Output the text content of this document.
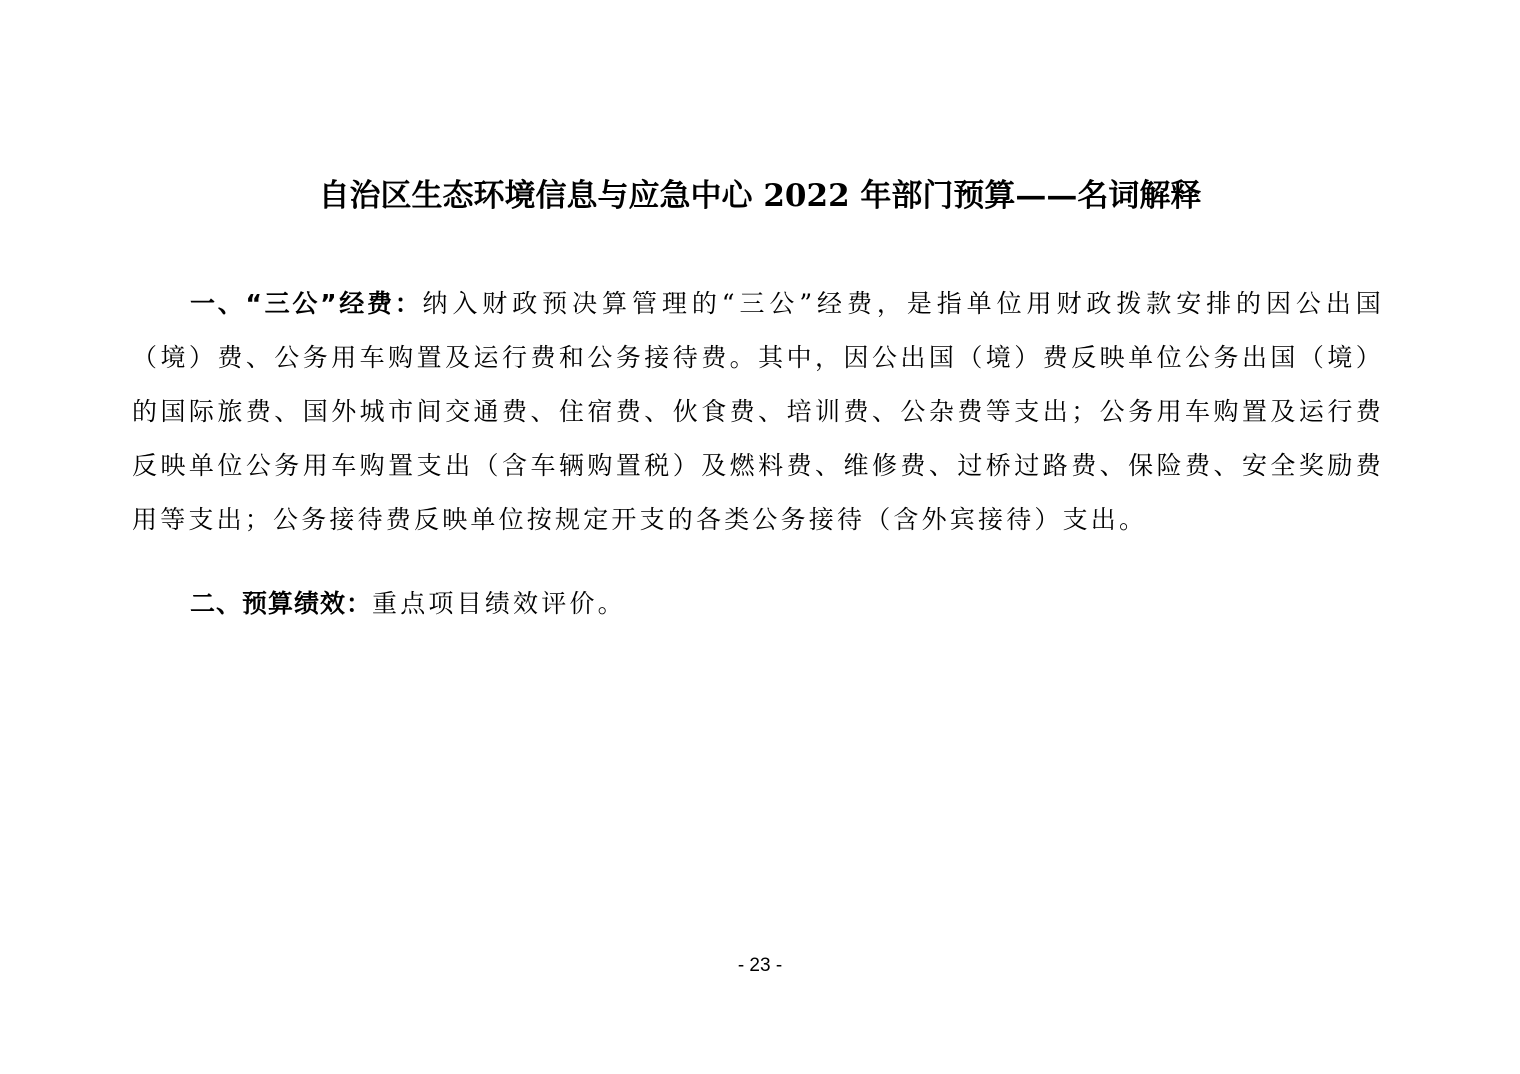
自治区生态环境信息与应急中心 2022 年部门预算——名词解释

一、“三公”经费：纳入财政预决算管理的“三公”经费，是指单位用财政拨款安排的因公出国（境）费、公务用车购置及运行费和公务接待费。其中，因公出国（境）费反映单位公务出国（境）的国际旅费、国外城市间交通费、住宿费、伙食费、培训费、公杂费等支出；公务用车购置及运行费反映单位公务用车购置支出（含车辆购置税）及燃料费、维修费、过桥过路费、保险费、安全奖励费用等支出；公务接待费反映单位按规定开支的各类公务接待（含外宾接待）支出。

二、预算绩效：重点项目绩效评价。

- 23 -
